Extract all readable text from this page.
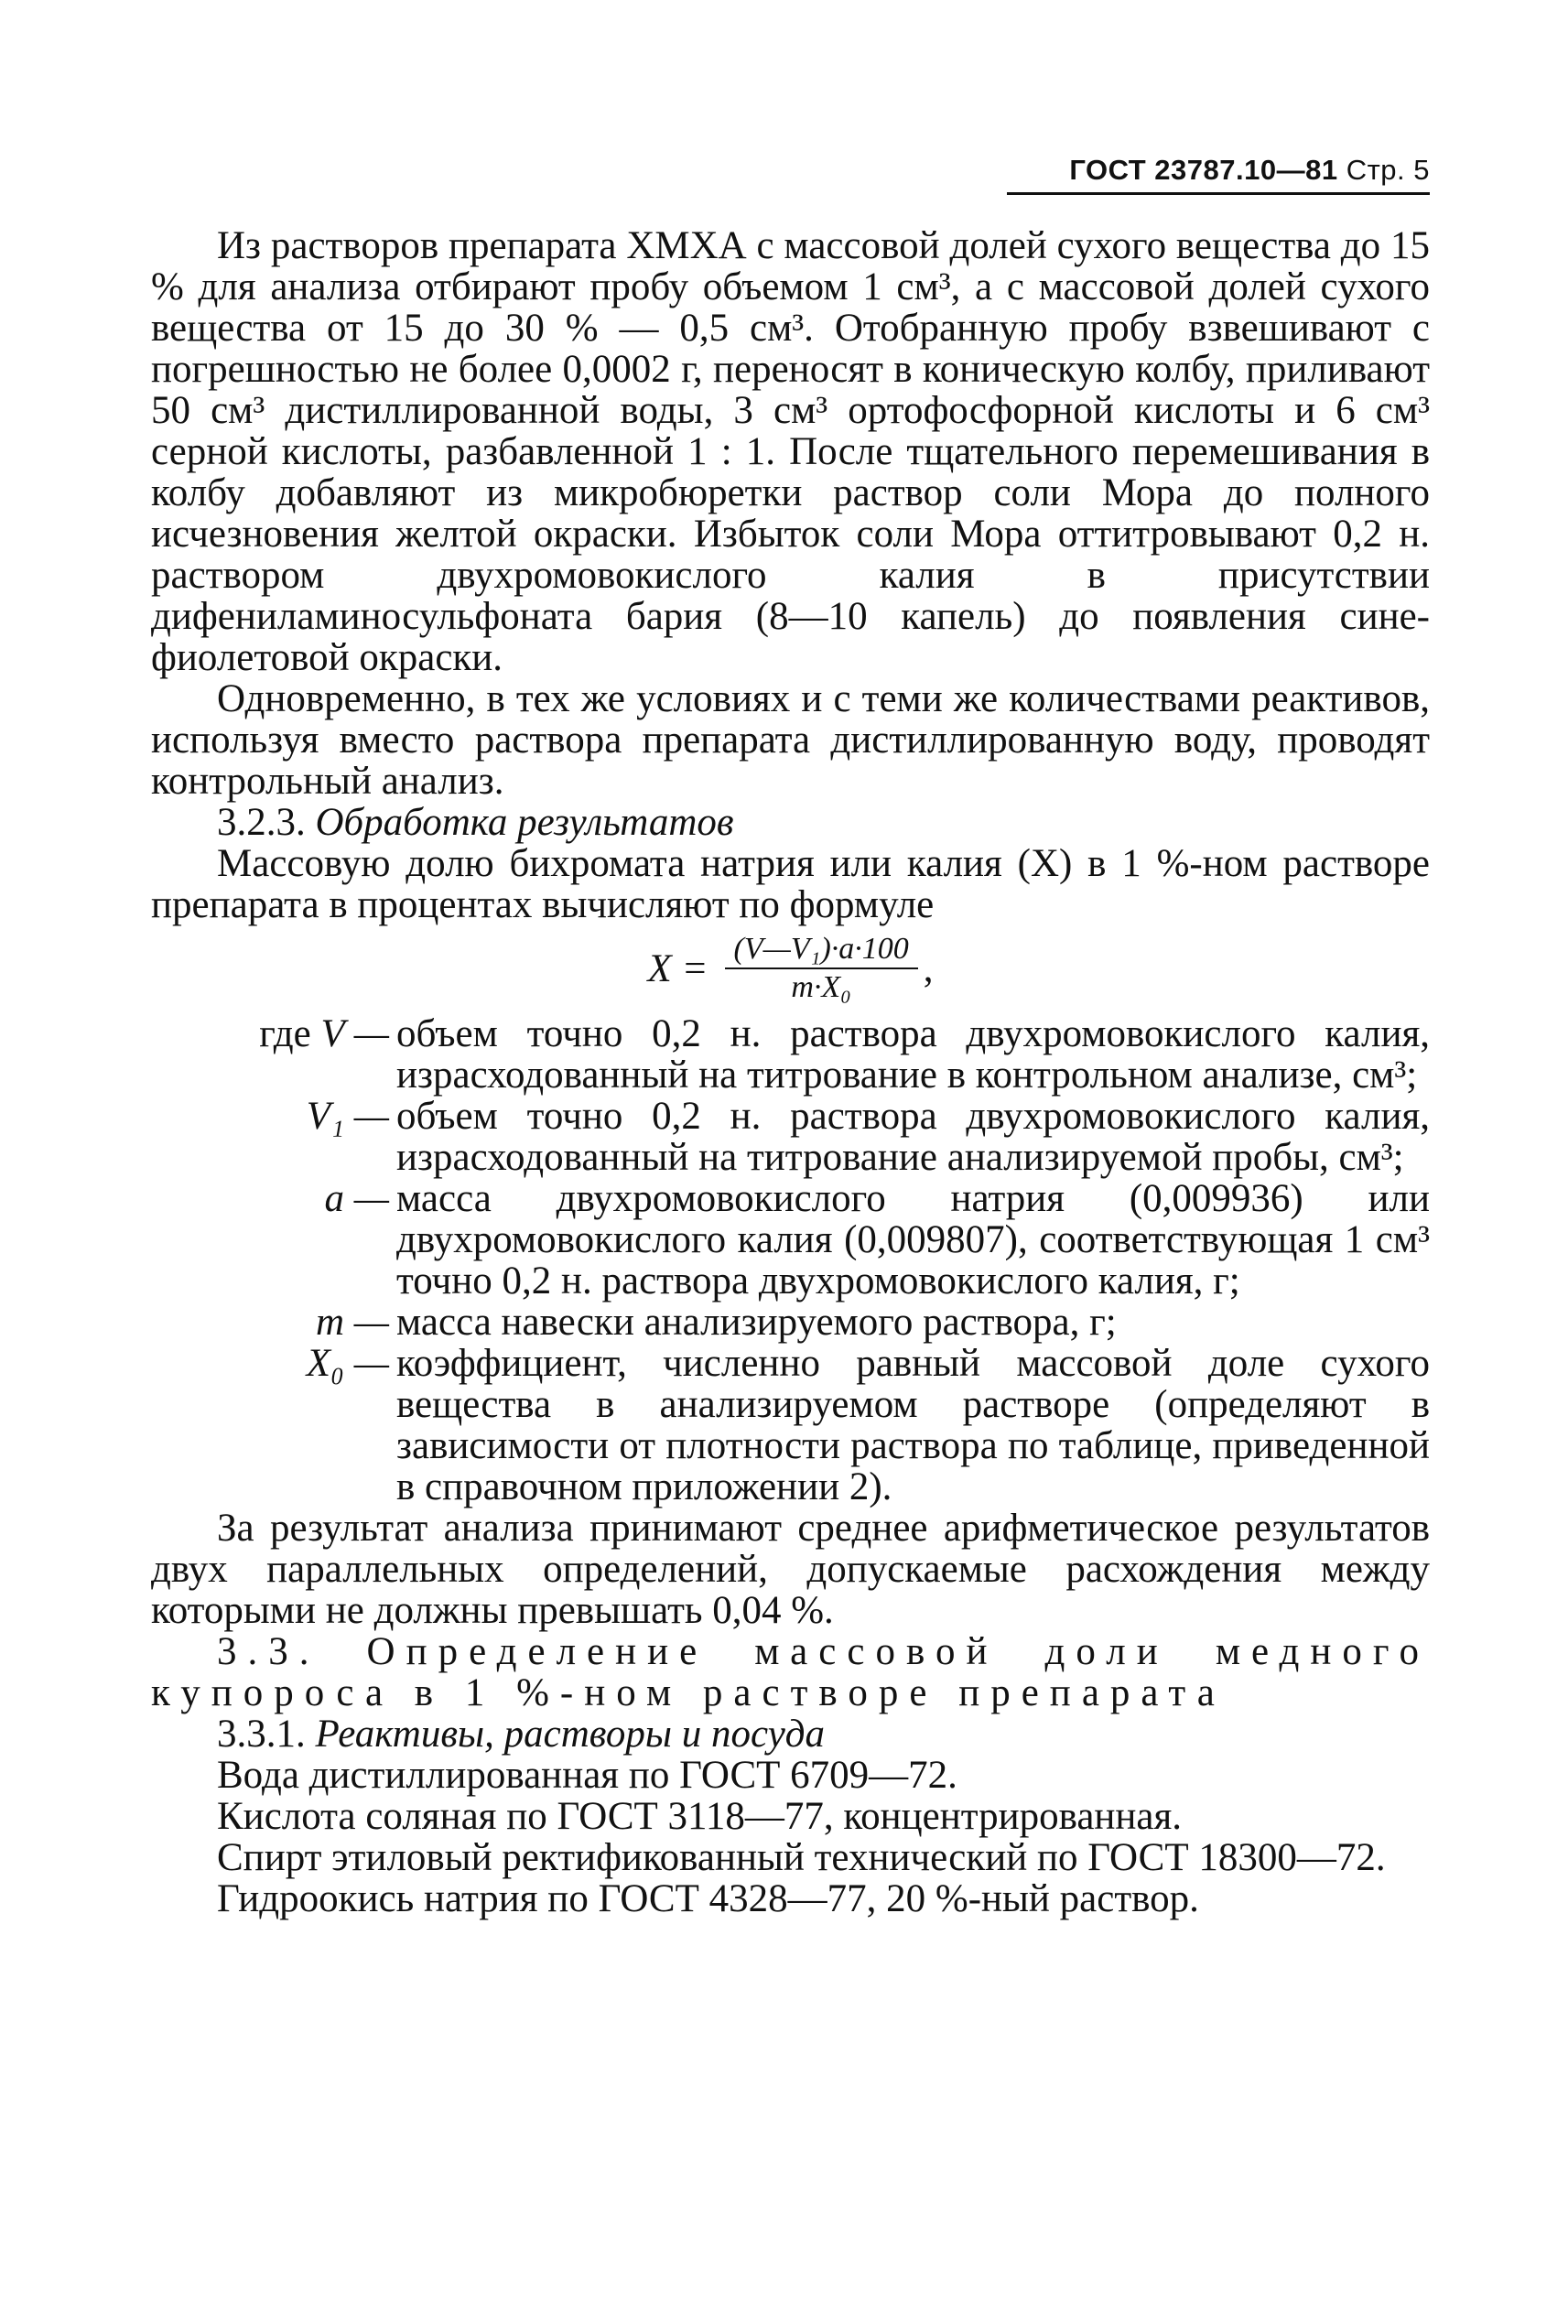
ГОСТ 23787.10—81 Стр. 5

Из растворов препарата ХМХА с массовой долей сухого вещества до 15 % для анализа отбирают пробу объемом 1 см³, а с массовой долей сухого вещества от 15 до 30 % — 0,5 см³. Отобранную пробу взвешивают с погрешностью не более 0,0002 г, переносят в коническую колбу, приливают 50 см³ дистиллированной воды, 3 см³ ортофосфорной кислоты и 6 см³ серной кислоты, разбавленной 1 : 1. После тщательного перемешивания в колбу добавляют из микробюретки раствор соли Мора до полного исчезновения желтой окраски. Избыток соли Мора оттитровывают 0,2 н. раствором двухромовокислого калия в присутствии дифениламиносульфоната бария (8—10 капель) до появления сине-фиолетовой окраски.

Одновременно, в тех же условиях и с теми же количествами реактивов, используя вместо раствора препарата дистиллированную воду, проводят контрольный анализ.

3.2.3. Обработка результатов

Массовую долю бихромата натрия или калия (X) в 1 %-ном растворе препарата в процентах вычисляют по формуле

$X = \frac{\text{(V—V₁)·a·100}}{\text{m·X₀}}$ ,
где V — объем точно 0,2 н. раствора двухромовокислого калия, израсходованный на титрование в контрольном анализе, см³;
V₁ — объем точно 0,2 н. раствора двухромовокислого калия, израсходованный на титрование анализируемой пробы, см³;
a — масса двухромовокислого натрия (0,009936) или двухромовокислого калия (0,009807), соответствующая 1 см³ точно 0,2 н. раствора двухромовокислого калия, г;
m — масса навески анализируемого раствора, г;
X₀ — коэффициент, численно равный массовой доле сухого вещества в анализируемом растворе (определяют в зависимости от плотности раствора по таблице, приведенной в справочном приложении 2).

За результат анализа принимают среднее арифметическое результатов двух параллельных определений, допускаемые расхождения между которыми не должны превышать 0,04 %.

3.3. Определение массовой доли медного купороса в 1 %-ном растворе препарата

3.3.1. Реактивы, растворы и посуда

Вода дистиллированная по ГОСТ 6709—72.

Кислота соляная по ГОСТ 3118—77, концентрированная.

Спирт этиловый ректификованный технический по ГОСТ 18300—72.

Гидроокись натрия по ГОСТ 4328—77, 20 %-ный раствор.
